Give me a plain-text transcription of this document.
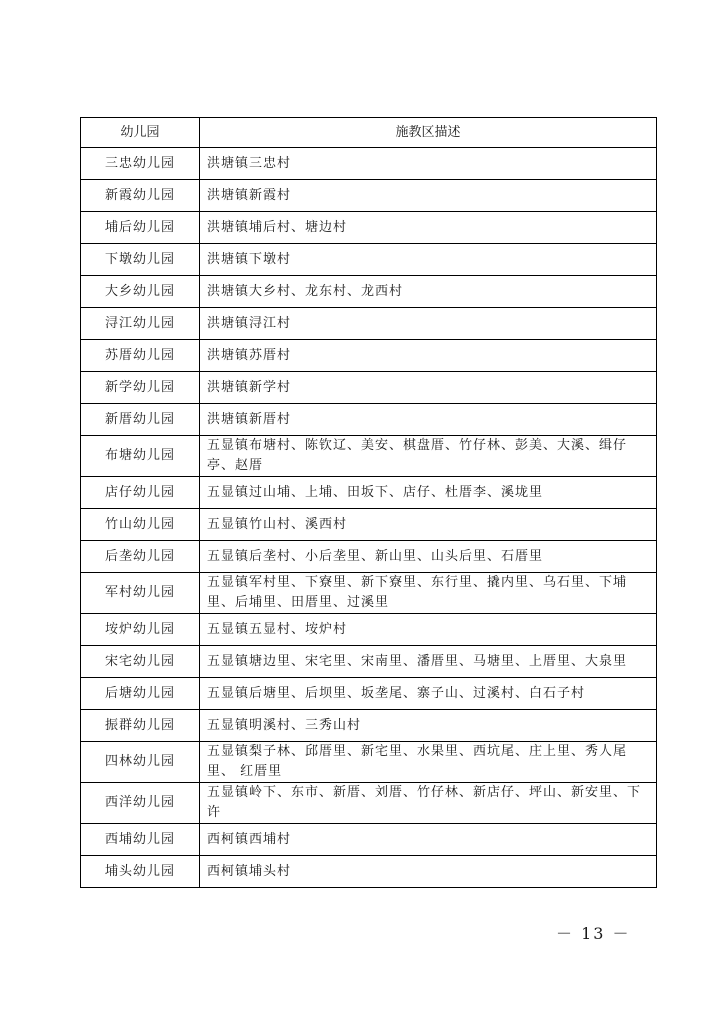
幼儿园	施教区描述
三忠幼儿园	洪塘镇三忠村
新霞幼儿园	洪塘镇新霞村
埔后幼儿园	洪塘镇埔后村、塘边村
下墩幼儿园	洪塘镇下墩村
大乡幼儿园	洪塘镇大乡村、龙东村、龙西村
浔江幼儿园	洪塘镇浔江村
苏厝幼儿园	洪塘镇苏厝村
新学幼儿园	洪塘镇新学村
新厝幼儿园	洪塘镇新厝村
布塘幼儿园	五显镇布塘村、陈钦辽、美安、棋盘厝、竹仔林、彭美、大溪、缉仔亭、赵厝
店仔幼儿园	五显镇过山埔、上埔、田坂下、店仔、杜厝李、溪垅里
竹山幼儿园	五显镇竹山村、溪西村
后垄幼儿园	五显镇后垄村、小后垄里、新山里、山头后里、石厝里
军村幼儿园	五显镇军村里、下寮里、新下寮里、东行里、撬内里、乌石里、下埔里、后埔里、田厝里、过溪里
垵炉幼儿园	五显镇五显村、垵炉村
宋宅幼儿园	五显镇塘边里、宋宅里、宋南里、潘厝里、马塘里、上厝里、大泉里
后塘幼儿园	五显镇后塘里、后坝里、坂垄尾、寨子山、过溪村、白石子村
振群幼儿园	五显镇明溪村、三秀山村
四林幼儿园	五显镇梨子林、邱厝里、新宅里、水果里、西坑尾、庄上里、秀人尾里、 红厝里
西洋幼儿园	五显镇岭下、东市、新厝、刘厝、竹仔林、新店仔、坪山、新安里、下许
西埔幼儿园	西柯镇西埔村
埔头幼儿园	西柯镇埔头村
－ 13 －
